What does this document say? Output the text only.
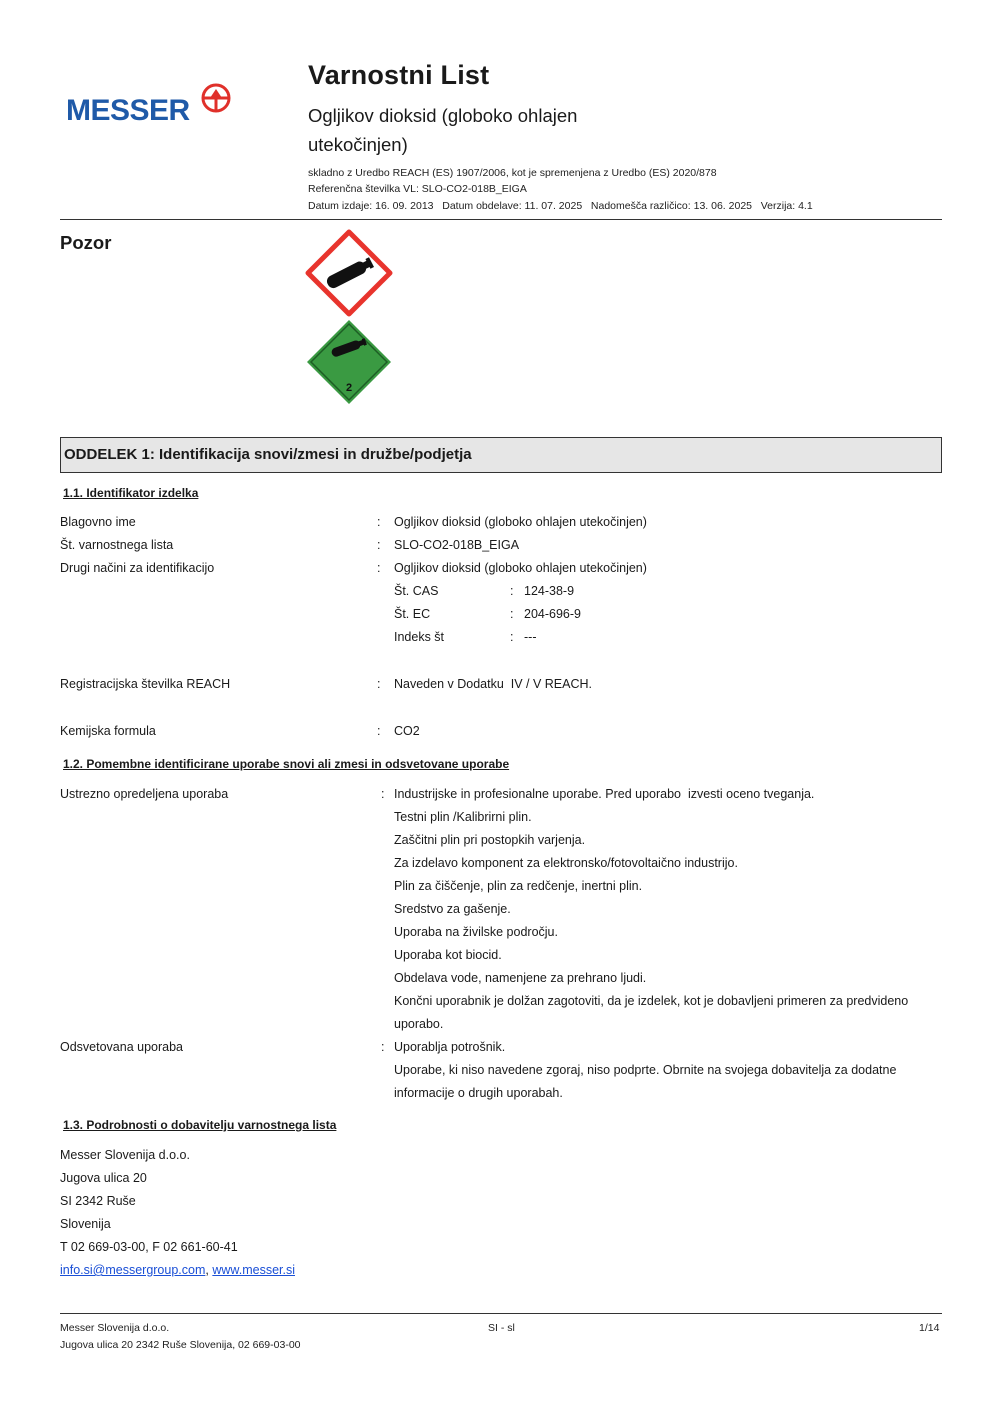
MESSER
Varnostni List
Ogljikov dioksid (globoko ohlajen
utekočinjen)
skladno z Uredbo REACH (ES) 1907/2006, kot je spremenjena z Uredbo (ES) 2020/878
Referenčna številka VL: SLO-CO2-018B_EIGA
Datum izdaje: 16. 09. 2013   Datum obdelave: 11. 07. 2025   Nadomešča različico: 13. 06. 2025   Verzija: 4.1
Pozor
2
ODDELEK 1: Identifikacija snovi/zmesi in družbe/podjetja
1.1. Identifikator izdelka
Blagovno ime	: Ogljikov dioksid (globoko ohlajen utekočinjen)
Št. varnostnega lista	: SLO-CO2-018B_EIGA
Drugi načini za identifikacijo	: Ogljikov dioksid (globoko ohlajen utekočinjen)
Št. CAS	: 124-38-9
Št. EC	: 204-696-9
Indeks št	: ---
Registracijska številka REACH	: Naveden v Dodatku  IV / V REACH.
Kemijska formula	: CO2
1.2. Pomembne identificirane uporabe snovi ali zmesi in odsvetovane uporabe
Ustrezno opredeljena uporaba	: Industrijske in profesionalne uporabe. Pred uporabo  izvesti oceno tveganja.
Testni plin /Kalibrirni plin.
Zaščitni plin pri postopkih varjenja.
Za izdelavo komponent za elektronsko/fotovoltaično industrijo.
Plin za čiščenje, plin za redčenje, inertni plin.
Sredstvo za gašenje.
Uporaba na živilske področju.
Uporaba kot biocid.
Obdelava vode, namenjene za prehrano ljudi.
Končni uporabnik je dolžan zagotoviti, da je izdelek, kot je dobavljeni primeren za predvideno
uporabo.
Odsvetovana uporaba	: Uporablja potrošnik.
Uporabe, ki niso navedene zgoraj, niso podprte. Obrnite na svojega dobavitelja za dodatne
informacije o drugih uporabah.
1.3. Podrobnosti o dobavitelju varnostnega lista
Messer Slovenija d.o.o.
Jugova ulica 20
SI 2342 Ruše
Slovenija
T 02 669-03-00, F 02 661-60-41
info.si@messergroup.com, www.messer.si
Messer Slovenija d.o.o.
Jugova ulica 20 2342 Ruše Slovenija, 02 669-03-00
SI - sl	1/14
